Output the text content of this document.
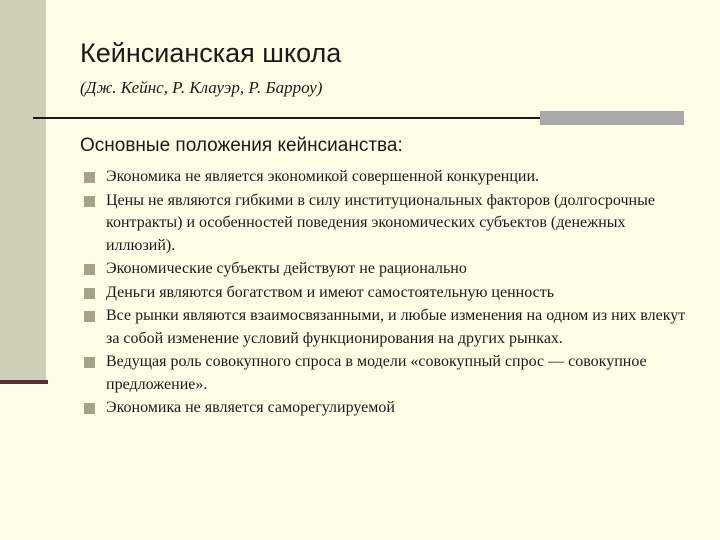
Кейнсианская школа
(Дж. Кейнс, Р. Клауэр, Р. Барроу)
Основные положения кейнсианства:
Экономика не является экономикой совершенной конкуренции.
Цены не являются гибкими в силу институциональных факторов (долгосрочные контракты) и особенностей поведения экономических субъектов (денежных иллюзий).
Экономические субъекты действуют не рационально
Деньги являются богатством и имеют самостоятельную ценность
Все рынки являются взаимосвязанными, и любые изменения на одном из них влекут за собой изменение условий функционирования на других рынках.
Ведущая роль совокупного спроса в модели «совокупный спрос — совокупное предложение».
Экономика не является саморегулируемой
